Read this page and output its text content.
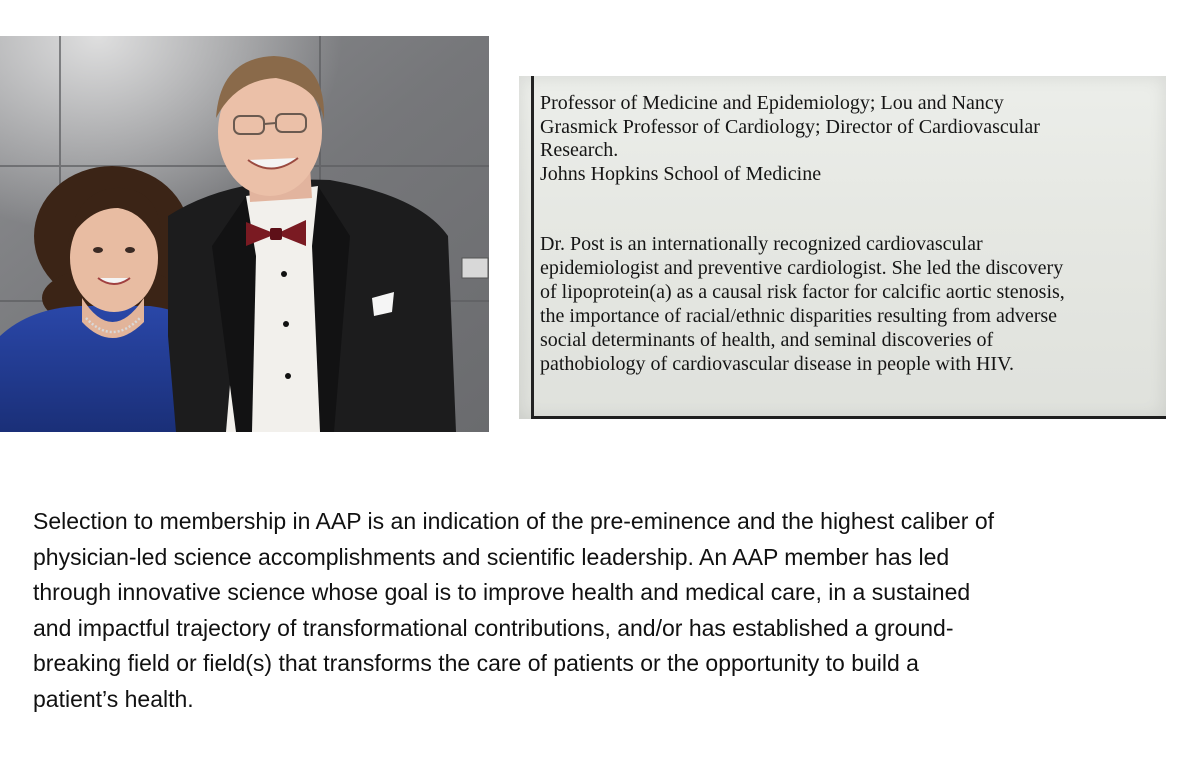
Professor of Medicine and Epidemiology; Lou and Nancy
Grasmick Professor of Cardiology; Director of Cardiovascular
Research.
Johns Hopkins School of Medicine
Dr. Post is an internationally recognized cardiovascular
epidemiologist and preventive cardiologist. She led the discovery
of lipoprotein(a) as a causal risk factor for calcific aortic stenosis,
the importance of racial/ethnic disparities resulting from adverse
social determinants of health, and seminal discoveries of
pathobiology of cardiovascular disease in people with HIV.
Selection to membership in AAP is an indication of the pre-eminence and the highest caliber of
physician-led science accomplishments and scientific leadership. An AAP member has led
through innovative science whose goal is to improve health and medical care, in a sustained
and impactful trajectory of transformational contributions, and/or has established a ground-
breaking field or field(s) that transforms the care of patients or the opportunity to build a
patient’s health.
